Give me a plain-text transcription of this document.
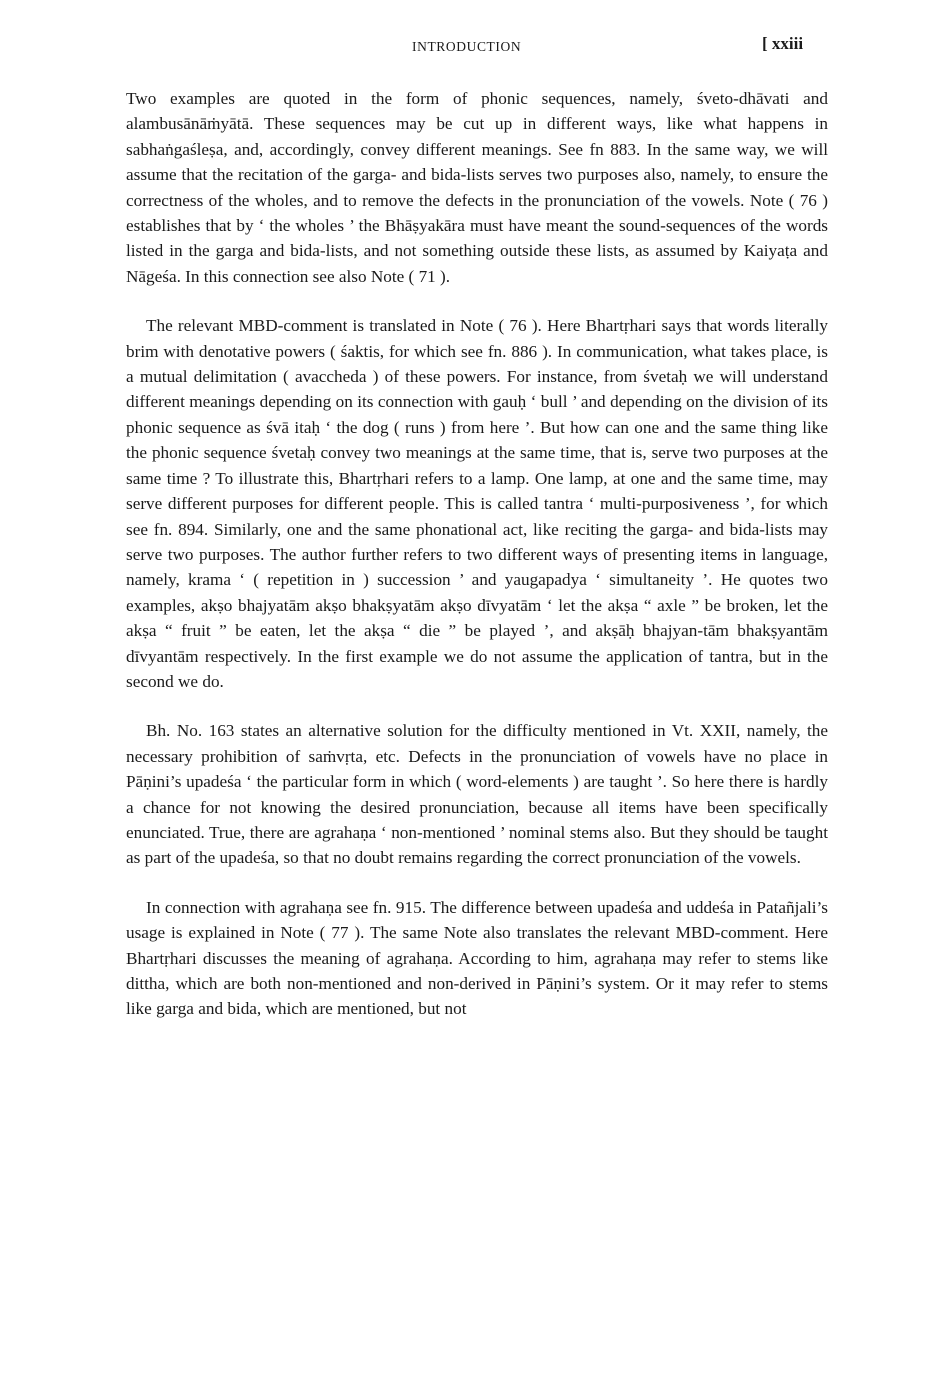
INTRODUCTION	[ xxiii

Two examples are quoted in the form of phonic sequences, namely, śveto-dhāvati and alambusānāṁyātā. These sequences may be cut up in different ways, like what happens in sabhaṅgaśleṣa, and, accordingly, convey different meanings. See fn 883. In the same way, we will assume that the recitation of the garga- and bida-lists serves two purposes also, namely, to ensure the correctness of the wholes, and to remove the defects in the pronunciation of the vowels. Note ( 76 ) establishes that by ‘ the wholes ’ the Bhāṣyakāra must have meant the sound-sequences of the words listed in the garga and bida-lists, and not something outside these lists, as assumed by Kaiyaṭa and Nāgeśa. In this connection see also Note ( 71 ).

The relevant MBD-comment is translated in Note ( 76 ). Here Bhartṛhari says that words literally brim with denotative powers ( śaktis, for which see fn. 886 ). In communication, what takes place, is a mutual delimitation ( avaccheda ) of these powers. For instance, from śvetaḥ we will understand different meanings depending on its connection with gauḥ ‘ bull ’ and depending on the division of its phonic sequence as śvā itaḥ ‘ the dog ( runs ) from here ’. But how can one and the same thing like the phonic sequence śvetaḥ convey two meanings at the same time, that is, serve two purposes at the same time ? To illustrate this, Bhartṛhari refers to a lamp. One lamp, at one and the same time, may serve different purposes for different people. This is called tantra ‘ multi-purposiveness ’, for which see fn. 894. Similarly, one and the same phonational act, like reciting the garga- and bida-lists may serve two purposes. The author further refers to two different ways of presenting items in language, namely, krama ‘ ( repetition in ) succession ’ and yaugapadya ‘ simultaneity ’. He quotes two examples, akṣo bhajyatām akṣo bhakṣyatām akṣo dīvyatām ‘ let the akṣa “ axle ” be broken, let the akṣa “ fruit ” be eaten, let the akṣa “ die ” be played ’, and akṣāḥ bhajyan-tām bhakṣyantām dīvyantām respectively. In the first example we do not assume the application of tantra, but in the second we do.

Bh. No. 163 states an alternative solution for the difficulty mentioned in Vt. XXII, namely, the necessary prohibition of saṁvṛta, etc. Defects in the pronunciation of vowels have no place in Pāṇini’s upadeśa ‘ the particular form in which ( word-elements ) are taught ’. So here there is hardly a chance for not knowing the desired pronunciation, because all items have been specifically enunciated. True, there are agrahaṇa ‘ non-mentioned ’ nominal stems also. But they should be taught as part of the upadeśa, so that no doubt remains regarding the correct pronunciation of the vowels.

In connection with agrahaṇa see fn. 915. The difference between upadeśa and uddeśa in Patañjali’s usage is explained in Note ( 77 ). The same Note also translates the relevant MBD-comment. Here Bhartṛhari discusses the meaning of agrahaṇa. According to him, agrahaṇa may refer to stems like dittha, which are both non-mentioned and non-derived in Pāṇini’s system. Or it may refer to stems like garga and bida, which are mentioned, but not
